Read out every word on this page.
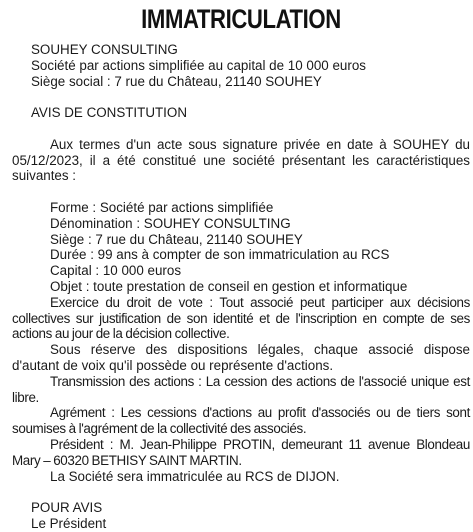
IMMATRICULATION
SOUHEY CONSULTING
Société par actions simplifiée au capital de 10 000 euros
Siège social : 7 rue du Château, 21140 SOUHEY
AVIS DE CONSTITUTION
Aux termes d'un acte sous signature privée en date à SOUHEY du 05/12/2023, il a été constitué une société présentant les caractéristiques suivantes :
Forme : Société par actions simplifiée
Dénomination : SOUHEY CONSULTING
Siège : 7 rue du Château, 21140 SOUHEY
Durée : 99 ans à compter de son immatriculation au RCS
Capital : 10 000 euros
Objet : toute prestation de conseil en gestion et informatique
Exercice du droit de vote : Tout associé peut participer aux décisions collectives sur justification de son identité et de l'inscription en compte de ses actions au jour de la décision collective.
Sous réserve des dispositions légales, chaque associé dispose d'autant de voix qu'il possède ou représente d'actions.
Transmission des actions : La cession des actions de l'associé unique est libre.
Agrément : Les cessions d'actions au profit d'associés ou de tiers sont soumises à l'agrément de la collectivité des associés.
Président : M. Jean-Philippe PROTIN, demeurant 11 avenue Blondeau Mary – 60320 BETHISY SAINT MARTIN.
La Société sera immatriculée au RCS de DIJON.
POUR AVIS
Le Président
